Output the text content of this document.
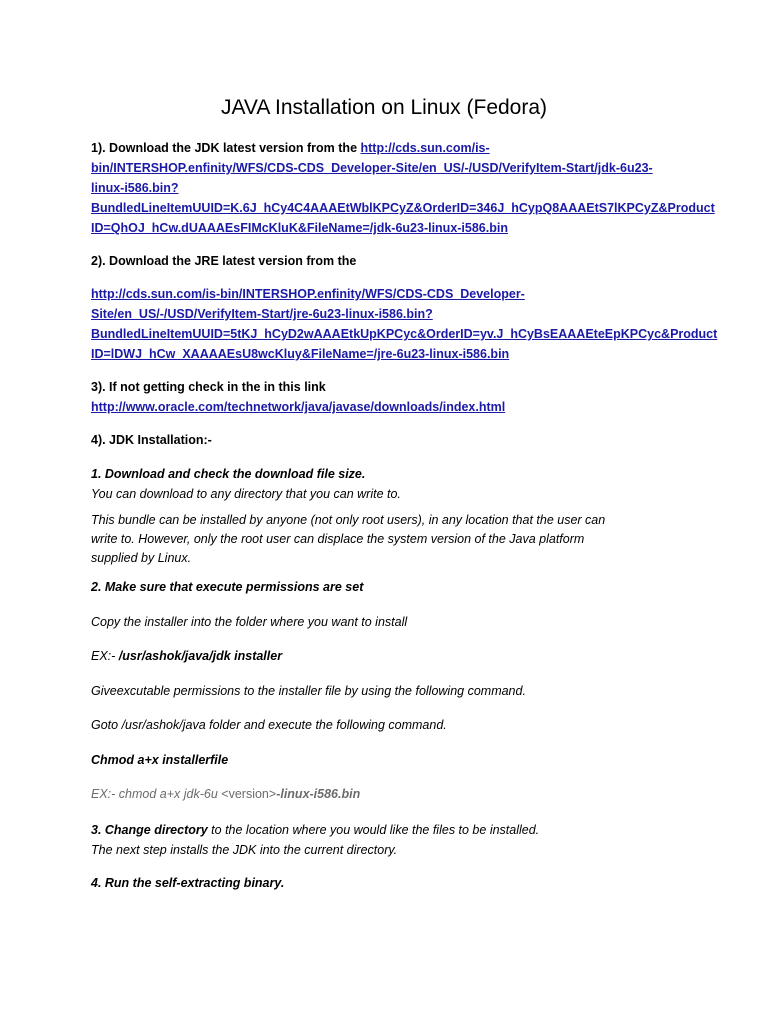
JAVA Installation on Linux (Fedora)
1). Download the JDK latest version from the http://cds.sun.com/is-
bin/INTERSHOP.enfinity/WFS/CDS-CDS_Developer-Site/en_US/-/USD/VerifyItem-Start/jdk-6u23-
linux-i586.bin?
BundledLineItemUUID=K.6J_hCy4C4AAAEtWblKPCyZ&OrderID=346J_hCypQ8AAAEtS7lKPCyZ&Product
ID=QhOJ_hCw.dUAAAEsFIMcKluK&FileName=/jdk-6u23-linux-i586.bin
2). Download the JRE latest version from the
http://cds.sun.com/is-bin/INTERSHOP.enfinity/WFS/CDS-CDS_Developer-
Site/en_US/-/USD/VerifyItem-Start/jre-6u23-linux-i586.bin?
BundledLineItemUUID=5tKJ_hCyD2wAAAEtkUpKPCyc&OrderID=yv.J_hCyBsEAAAEteEpKPCyc&Product
ID=lDWJ_hCw_XAAAAEsU8wcKluy&FileName=/jre-6u23-linux-i586.bin
3). If not getting check in the in this link
http://www.oracle.com/technetwork/java/javase/downloads/index.html
4). JDK Installation:-
1. Download and check the download file size.
You can download to any directory that you can write to.
This bundle can be installed by anyone (not only root users), in any location that the user can
write to. However, only the root user can displace the system version of the Java platform
supplied by Linux.
2. Make sure that execute permissions are set
Copy the installer into the folder where you want to install
EX:- /usr/ashok/java/jdk installer
Giveexcutable permissions to the installer file by using the following command.
Goto /usr/ashok/java folder and execute the following command.
Chmod a+x installerfile
EX:- chmod a+x jdk-6u <version>-linux-i586.bin
3. Change directory to the location where you would like the files to be installed.
The next step installs the JDK into the current directory.
4. Run the self-extracting binary.
